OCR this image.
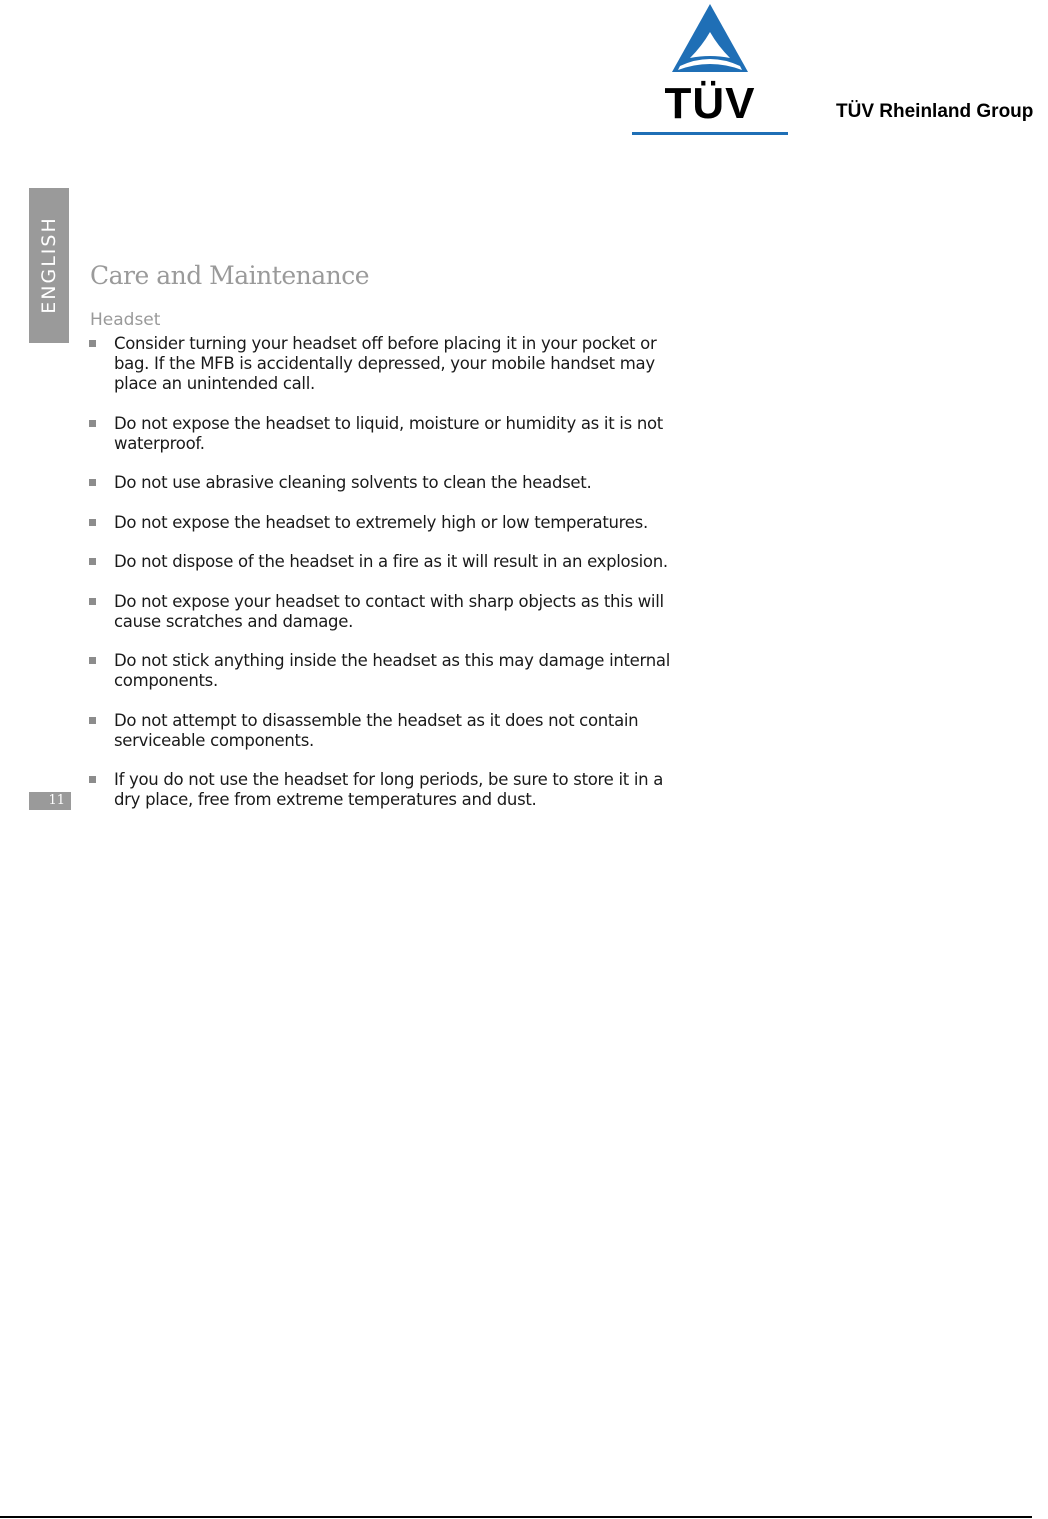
TÜV	TÜV Rheinland Group
ENGLISH Care and Maintenance
Headset
Consider turning your headset off before placing it in your pocket or bag. If the MFB is accidentally depressed, your mobile handset may place an unintended call.
Do not expose the headset to liquid, moisture or humidity as it is not waterproof.
Do not use abrasive cleaning solvents to clean the headset.
Do not expose the headset to extremely high or low temperatures.
Do not dispose of the headset in a fire as it will result in an explosion.
Do not expose your headset to contact with sharp objects as this will cause scratches and damage.
Do not stick anything inside the headset as this may damage internal components.
Do not attempt to disassemble the headset as it does not contain serviceable components.
If you do not use the headset for long periods, be sure to store it in a dry place, free from extreme temperatures and dust.
11
